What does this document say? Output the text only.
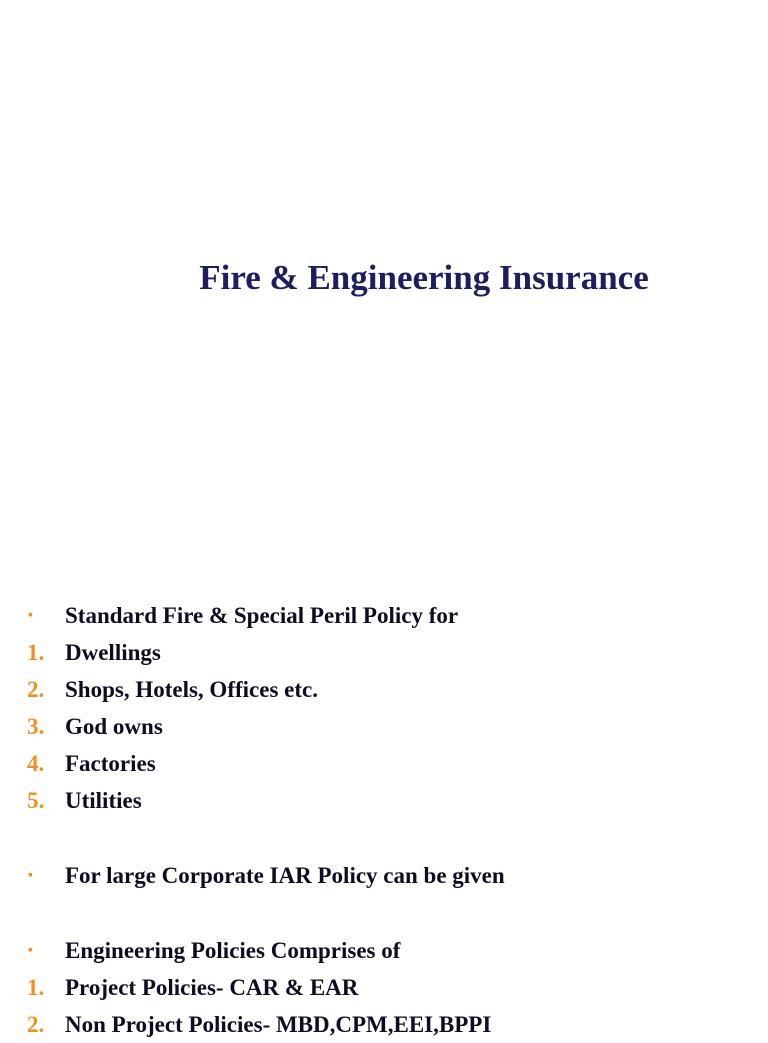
Fire & Engineering Insurance
▪ Standard Fire & Special Peril Policy for
1. Dwellings
2. Shops, Hotels, Offices etc.
3. God owns
4. Factories
5. Utilities
▪ For large Corporate IAR Policy can be given
▪ Engineering Policies Comprises of
1. Project Policies- CAR & EAR
2. Non Project Policies- MBD,CPM,EEI,BPPI
